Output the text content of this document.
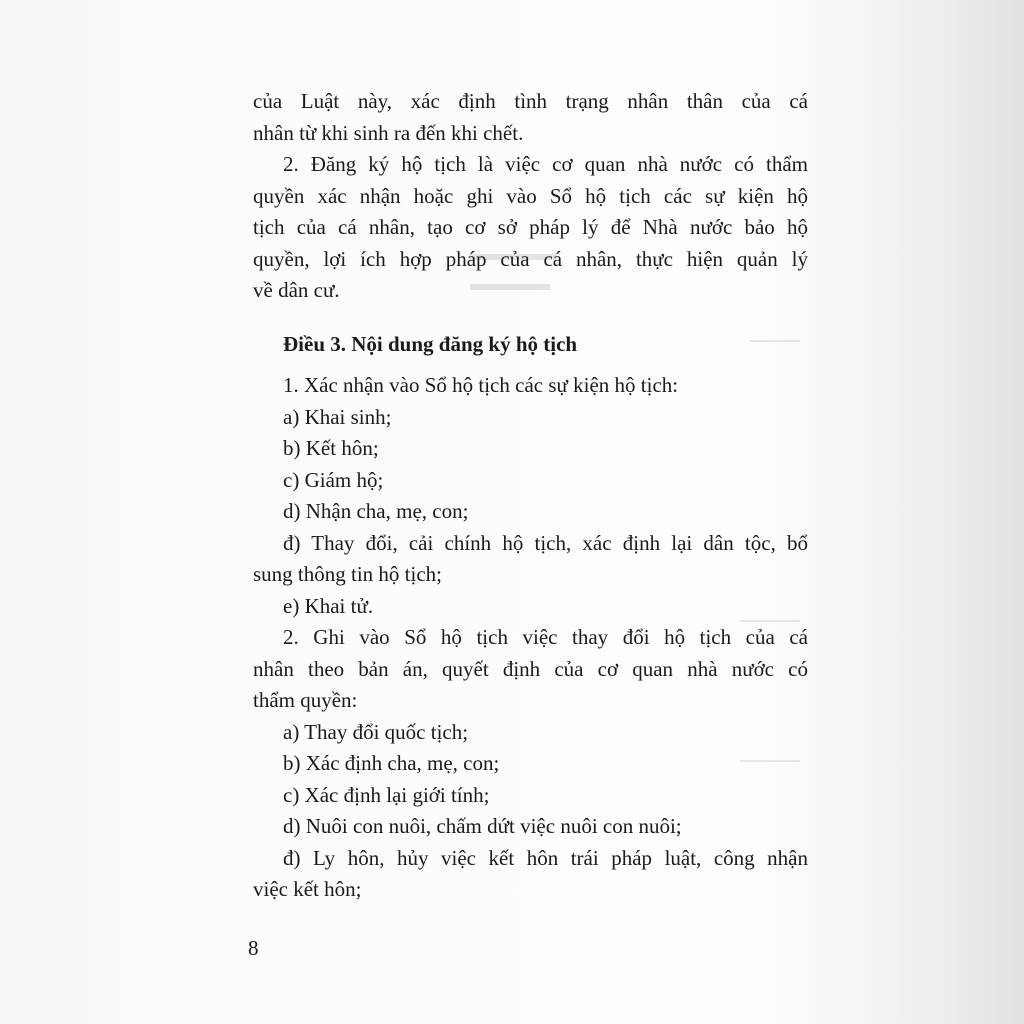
của Luật này, xác định tình trạng nhân thân của cá

nhân từ khi sinh ra đến khi chết.

2. Đăng ký hộ tịch là việc cơ quan nhà nước có thẩm

quyền xác nhận hoặc ghi vào Sổ hộ tịch các sự kiện hộ

tịch của cá nhân, tạo cơ sở pháp lý để Nhà nước bảo hộ

quyền, lợi ích hợp pháp của cá nhân, thực hiện quản lý

về dân cư.

Điều 3. Nội dung đăng ký hộ tịch

1. Xác nhận vào Sổ hộ tịch các sự kiện hộ tịch:

a) Khai sinh;

b) Kết hôn;

c) Giám hộ;

d) Nhận cha, mẹ, con;

đ) Thay đổi, cải chính hộ tịch, xác định lại dân tộc, bổ

sung thông tin hộ tịch;

e) Khai tử.

2. Ghi vào Sổ hộ tịch việc thay đổi hộ tịch của cá

nhân theo bản án, quyết định của cơ quan nhà nước có

thẩm quyền:

a) Thay đổi quốc tịch;

b) Xác định cha, mẹ, con;

c) Xác định lại giới tính;

d) Nuôi con nuôi, chấm dứt việc nuôi con nuôi;

đ) Ly hôn, hủy việc kết hôn trái pháp luật, công nhận

việc kết hôn;

8
